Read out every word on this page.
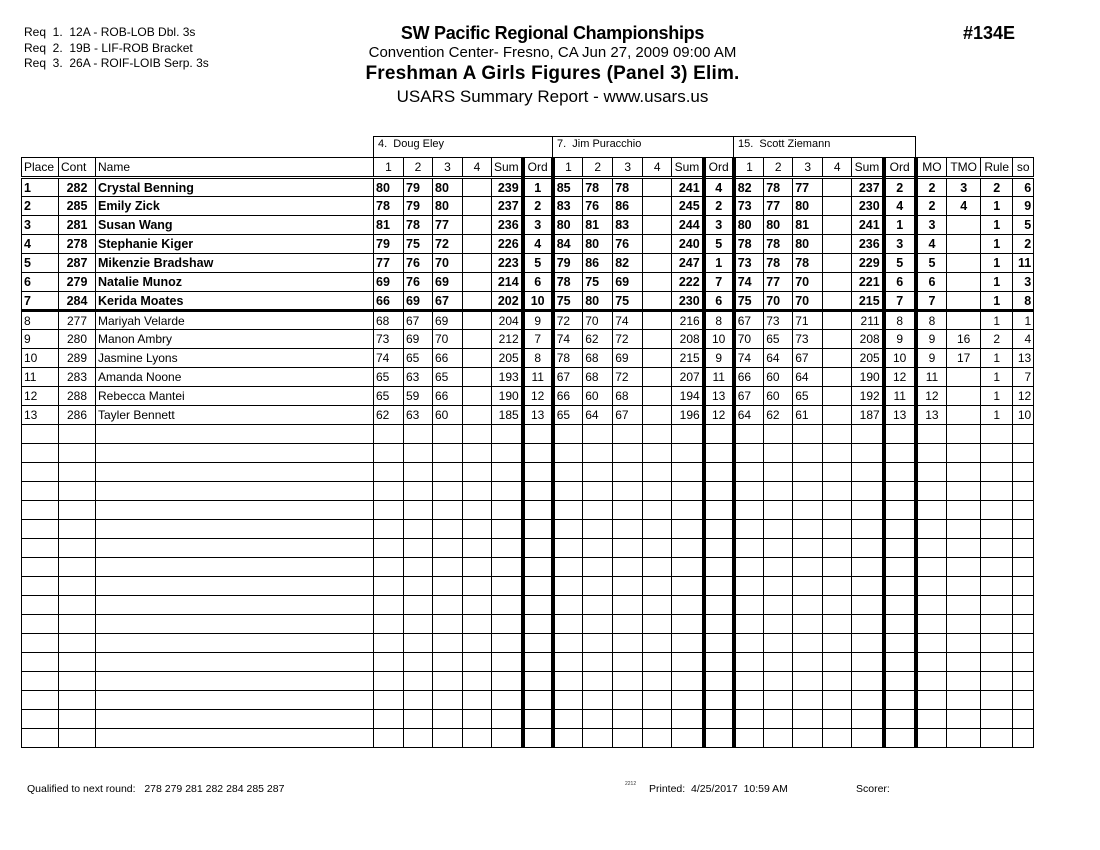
Req  1.  12A - ROB-LOB Dbl. 3s
Req  2.  19B - LIF-ROB Bracket
Req  3.  26A - ROIF-LOIB Serp. 3s
SW Pacific Regional Championships
Convention Center- Fresno, CA Jun 27, 2009 09:00 AM
Freshman A Girls Figures (Panel 3) Elim.
USARS Summary Report - www.usars.us
#134E
4.  Doug Eley	7.  Jim Puracchio	15.  Scott Ziemann
Place	Cont	Name	1	2	3	4	Sum	Ord	1	2	3	4	Sum	Ord	1	2	3	4	Sum	Ord	MO	TMO	Rule	so
1	282	Crystal Benning	80	79	80		239	1	85	78	78		241	4	82	78	77		237	2	2	3	2	6
2	285	Emily Zick	78	79	80		237	2	83	76	86		245	2	73	77	80		230	4	2	4	1	9
3	281	Susan Wang	81	78	77		236	3	80	81	83		244	3	80	80	81		241	1	3		1	5
4	278	Stephanie Kiger	79	75	72		226	4	84	80	76		240	5	78	78	80		236	3	4		1	2
5	287	Mikenzie Bradshaw	77	76	70		223	5	79	86	82		247	1	73	78	78		229	5	5		1	11
6	279	Natalie Munoz	69	76	69		214	6	78	75	69		222	7	74	77	70		221	6	6		1	3
7	284	Kerida Moates	66	69	67		202	10	75	80	75		230	6	75	70	70		215	7	7		1	8
8	277	Mariyah Velarde	68	67	69		204	9	72	70	74		216	8	67	73	71		211	8	8		1	1
9	280	Manon Ambry	73	69	70		212	7	74	62	72		208	10	70	65	73		208	9	9	16	2	4
10	289	Jasmine Lyons	74	65	66		205	8	78	68	69		215	9	74	64	67		205	10	9	17	1	13
11	283	Amanda Noone	65	63	65		193	11	67	68	72		207	11	66	60	64		190	12	11		1	7
12	288	Rebecca Mantei	65	59	66		190	12	66	60	68		194	13	67	60	65		192	11	12		1	12
13	286	Tayler Bennett	62	63	60		185	13	65	64	67		196	12	64	62	61		187	13	13		1	10

Qualified to next round:   278 279 281 282 284 285 287	2212 Printed:  4/25/2017  10:59 AM	Scorer:
